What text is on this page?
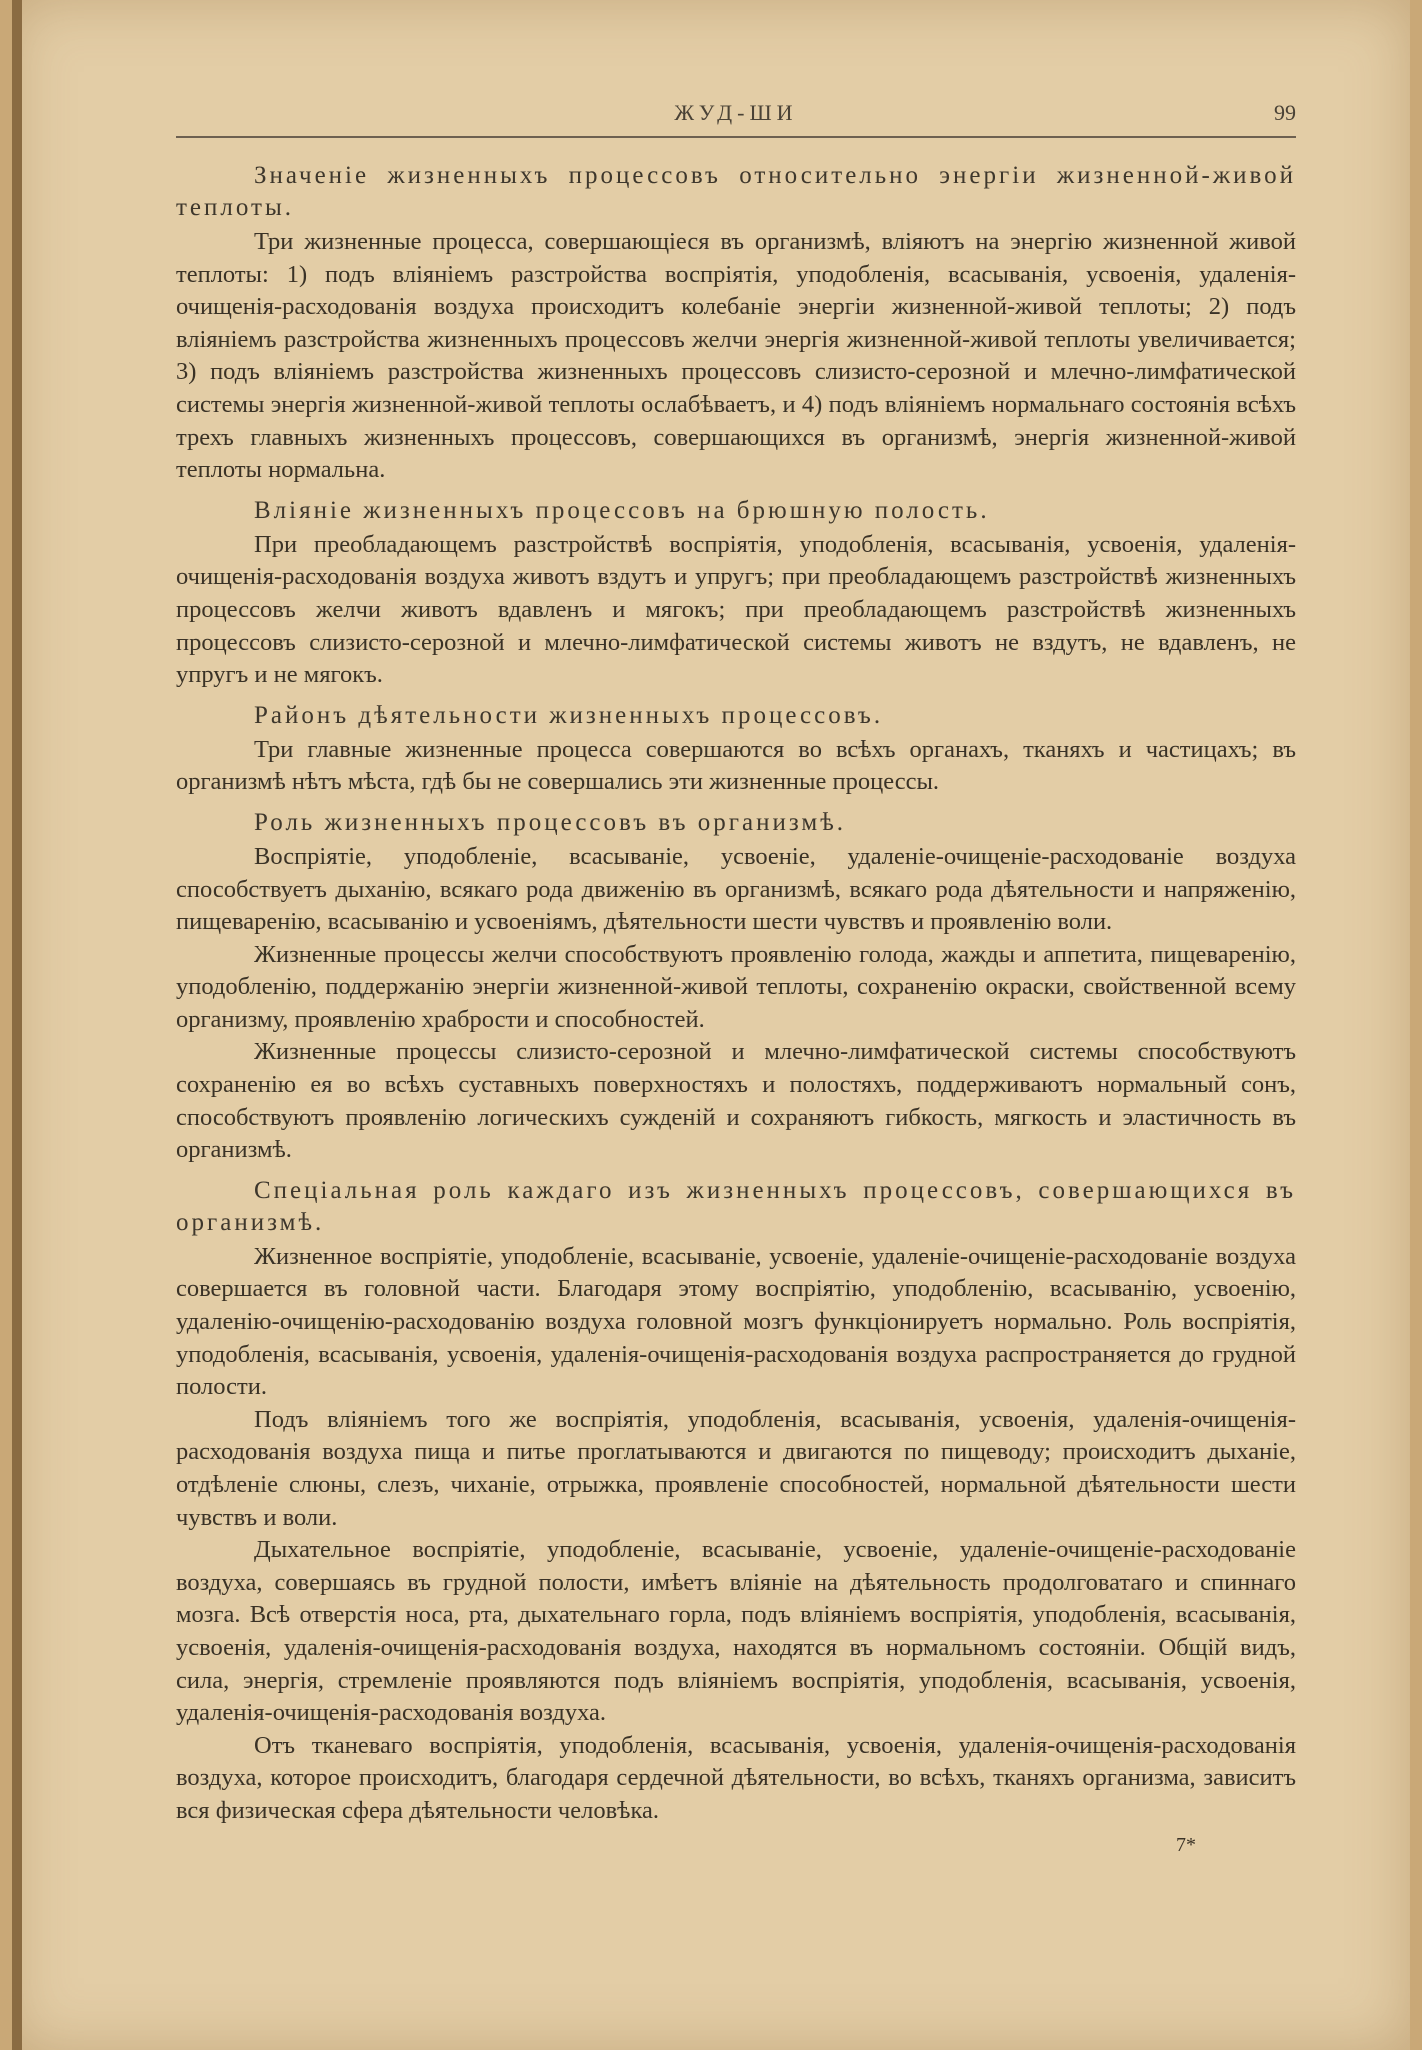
ЖУД-ШИ	99

Значеніе жизненныхъ процессовъ относительно энергіи жизненной-живой теплоты.

Три жизненные процесса, совершающіеся въ организмѣ, вліяютъ на энергію жизненной живой теплоты: 1) подъ вліяніемъ разстройства воспріятія, уподобленія, всасыванія, усвоенія, удаленія-очищенія-расходованія воздуха происходитъ колебаніе энергіи жизненной-живой теплоты; 2) подъ вліяніемъ разстройства жизненныхъ процессовъ желчи энергія жизненной-живой теплоты увеличивается; 3) подъ вліяніемъ разстройства жизненныхъ процессовъ слизисто-серозной и млечно-лимфатической системы энергія жизненной-живой теплоты ослабѣваетъ, и 4) подъ вліяніемъ нормальнаго состоянія всѣхъ трехъ главныхъ жизненныхъ процессовъ, совершающихся въ организмѣ, энергія жизненной-живой теплоты нормальна.

Вліяніе жизненныхъ процессовъ на брюшную полость.

При преобладающемъ разстройствѣ воспріятія, уподобленія, всасыванія, усвоенія, удаленія-очищенія-расходованія воздуха животъ вздутъ и упругъ; при преобладающемъ разстройствѣ жизненныхъ процессовъ желчи животъ вдавленъ и мягокъ; при преобладающемъ разстройствѣ жизненныхъ процессовъ слизисто-серозной и млечно-лимфатической системы животъ не вздутъ, не вдавленъ, не упругъ и не мягокъ.

Районъ дѣятельности жизненныхъ процессовъ.

Три главные жизненные процесса совершаются во всѣхъ органахъ, тканяхъ и частицахъ; въ организмѣ нѣтъ мѣста, гдѣ бы не совершались эти жизненные процессы.

Роль жизненныхъ процессовъ въ организмѣ.

Воспріятіе, уподобленіе, всасываніе, усвоеніе, удаленіе-очищеніе-расходованіе воздуха способствуетъ дыханію, всякаго рода движенію въ организмѣ, всякаго рода дѣятельности и напряженію, пищеваренію, всасыванію и усвоеніямъ, дѣятельности шести чувствъ и проявленію воли.

Жизненные процессы желчи способствуютъ проявленію голода, жажды и аппетита, пищеваренію, уподобленію, поддержанію энергіи жизненной-живой теплоты, сохраненію окраски, свойственной всему организму, проявленію храбрости и способностей.

Жизненные процессы слизисто-серозной и млечно-лимфатической системы способствуютъ сохраненію ея во всѣхъ суставныхъ поверхностяхъ и полостяхъ, поддерживаютъ нормальный сонъ, способствуютъ проявленію логическихъ сужденій и сохраняютъ гибкость, мягкость и эластичность въ организмѣ.

Спеціальная роль каждаго изъ жизненныхъ процессовъ, совершающихся въ организмѣ.

Жизненное воспріятіе, уподобленіе, всасываніе, усвоеніе, удаленіе-очищеніе-расходованіе воздуха совершается въ головной части. Благодаря этому воспріятію, уподобленію, всасыванію, усвоенію, удаленію-очищенію-расходованію воздуха головной мозгъ функціонируетъ нормально. Роль воспріятія, уподобленія, всасыванія, усвоенія, удаленія-очищенія-расходованія воздуха распространяется до грудной полости.

Подъ вліяніемъ того же воспріятія, уподобленія, всасыванія, усвоенія, удаленія-очищенія-расходованія воздуха пища и питье проглатываются и двигаются по пищеводу; происходитъ дыханіе, отдѣленіе слюны, слезъ, чиханіе, отрыжка, проявленіе способностей, нормальной дѣятельности шести чувствъ и воли.

Дыхательное воспріятіе, уподобленіе, всасываніе, усвоеніе, удаленіе-очищеніе-расходованіе воздуха, совершаясь въ грудной полости, имѣетъ вліяніе на дѣятельность продолговатаго и спиннаго мозга. Всѣ отверстія носа, рта, дыхательнаго горла, подъ вліяніемъ воспріятія, уподобленія, всасыванія, усвоенія, удаленія-очищенія-расходованія воздуха, находятся въ нормальномъ состояніи. Общій видъ, сила, энергія, стремленіе проявляются подъ вліяніемъ воспріятія, уподобленія, всасыванія, усвоенія, удаленія-очищенія-расходованія воздуха.

Отъ тканеваго воспріятія, уподобленія, всасыванія, усвоенія, удаленія-очищенія-расходованія воздуха, которое происходитъ, благодаря сердечной дѣятельности, во всѣхъ, тканяхъ организма, зависитъ вся физическая сфера дѣятельности человѣка.

7*
